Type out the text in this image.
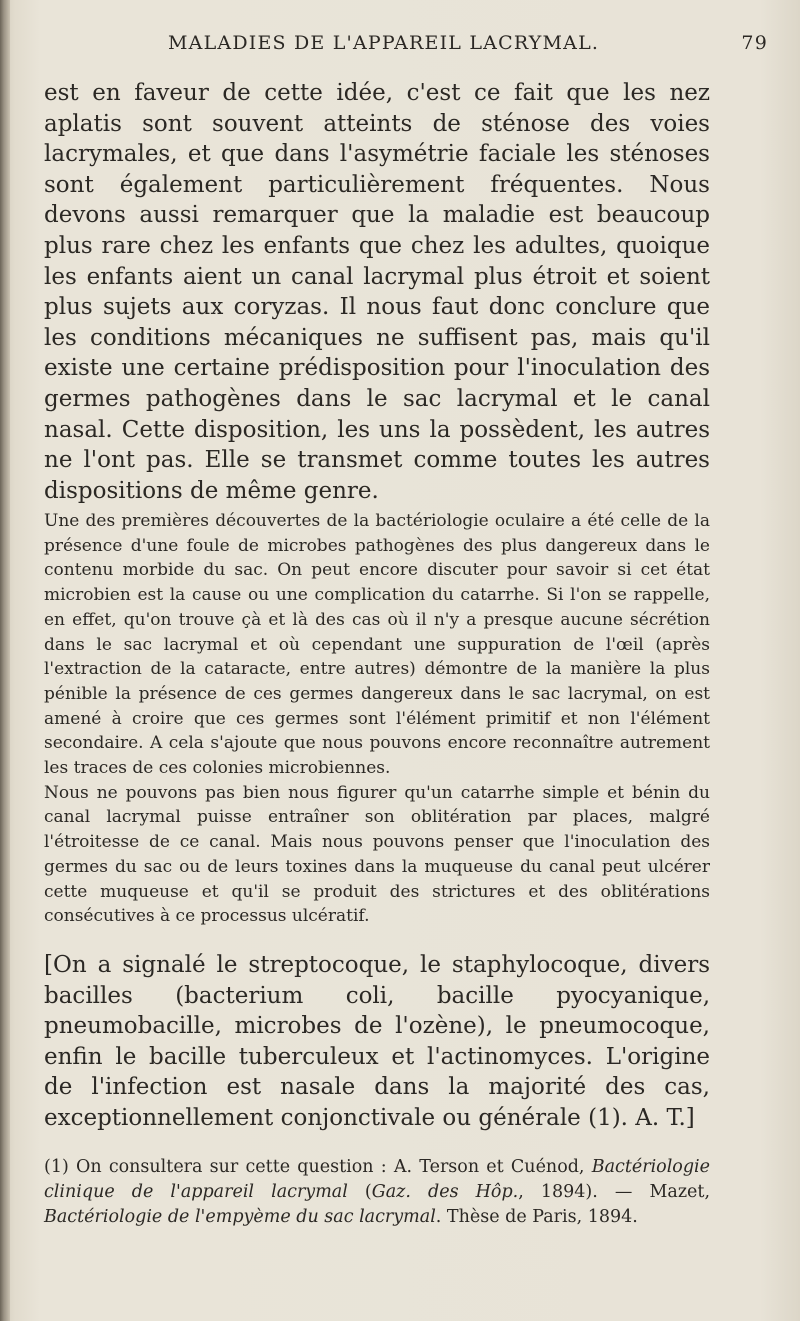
MALADIES DE L'APPAREIL LACRYMAL.	79

est en faveur de cette idée, c'est ce fait que les nez aplatis sont souvent atteints de sténose des voies lacrymales, et que dans l'asymétrie faciale les sténoses sont également particulièrement fréquentes. Nous devons aussi remarquer que la maladie est beaucoup plus rare chez les enfants que chez les adultes, quoique les enfants aient un canal lacrymal plus étroit et soient plus sujets aux coryzas. Il nous faut donc conclure que les conditions mécaniques ne suffisent pas, mais qu'il existe une certaine prédisposition pour l'inoculation des germes pathogènes dans le sac lacrymal et le canal nasal. Cette disposition, les uns la possèdent, les autres ne l'ont pas. Elle se transmet comme toutes les autres dispositions de même genre.

Une des premières découvertes de la bactériologie oculaire a été celle de la présence d'une foule de microbes pathogènes des plus dangereux dans le contenu morbide du sac. On peut encore discuter pour savoir si cet état microbien est la cause ou une complication du catarrhe. Si l'on se rappelle, en effet, qu'on trouve çà et là des cas où il n'y a presque aucune sécrétion dans le sac lacrymal et où cependant une suppuration de l'œil (après l'extraction de la cataracte, entre autres) démontre de la manière la plus pénible la présence de ces germes dangereux dans le sac lacrymal, on est amené à croire que ces germes sont l'élément primitif et non l'élément secondaire. A cela s'ajoute que nous pouvons encore reconnaître autrement les traces de ces colonies microbiennes.

Nous ne pouvons pas bien nous figurer qu'un catarrhe simple et bénin du canal lacrymal puisse entraîner son oblitération par places, malgré l'étroitesse de ce canal. Mais nous pouvons penser que l'inoculation des germes du sac ou de leurs toxines dans la muqueuse du canal peut ulcérer cette muqueuse et qu'il se produit des strictures et des oblitérations consécutives à ce processus ulcératif.

[On a signalé le streptocoque, le staphylocoque, divers bacilles (bacterium coli, bacille pyocyanique, pneumobacille, microbes de l'ozène), le pneumocoque, enfin le bacille tuberculeux et l'actinomyces. L'origine de l'infection est nasale dans la majorité des cas, exceptionnellement conjonctivale ou générale (1). A. T.]

(1) On consultera sur cette question : A. Terson et Cuénod, Bactériologie clinique de l'appareil lacrymal (Gaz. des Hôp., 1894). — Mazet, Bactériologie de l'empyème du sac lacrymal. Thèse de Paris, 1894.
